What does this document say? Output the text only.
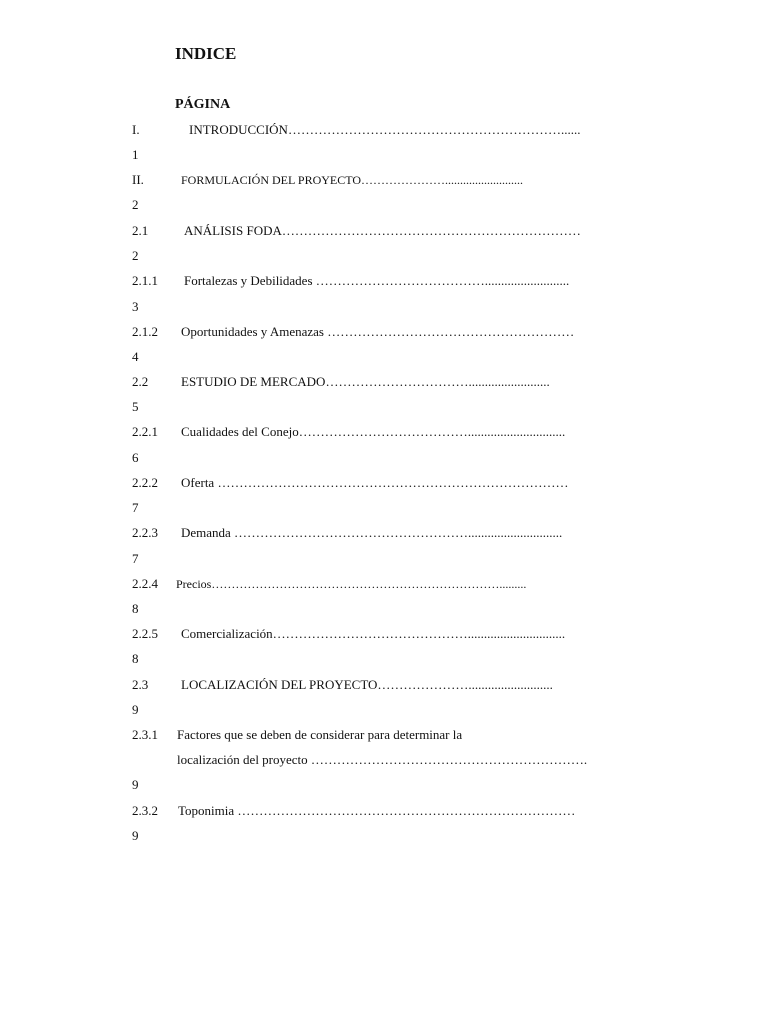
INDICE
PÁGINA
I.	INTRODUCCIÓN………………………………………………………......
1
II.	FORMULACIÓN DEL PROYECTO…………………..........................
2
2.1	ANÁLISIS FODA……………………………………………………………
2
2.1.1 Fortalezas y Debilidades …………………………………..........................
3
2.1.2 Oportunidades y Amenazas …………………………………………………
4
2.2	ESTUDIO DE MERCADO…………………………….........................
5
2.2.1 Cualidades del Conejo…………………………………..............................
6
2.2.2 Oferta ………………………………………………………………………
7
2.2.3 Demanda ……………………………………………….............................
7
2.2.4 Precios……………………………………………………………….........
8
2.2.5 Comercialización………………………………………..............................
8
2.3	LOCALIZACIÓN DEL PROYECTO…………………..........................
9
2.3.1 Factores que se deben de considerar para determinar la
localización del proyecto ……………………………………………………….
9
2.3.2 Toponimia ……………………………………………………………………
9
